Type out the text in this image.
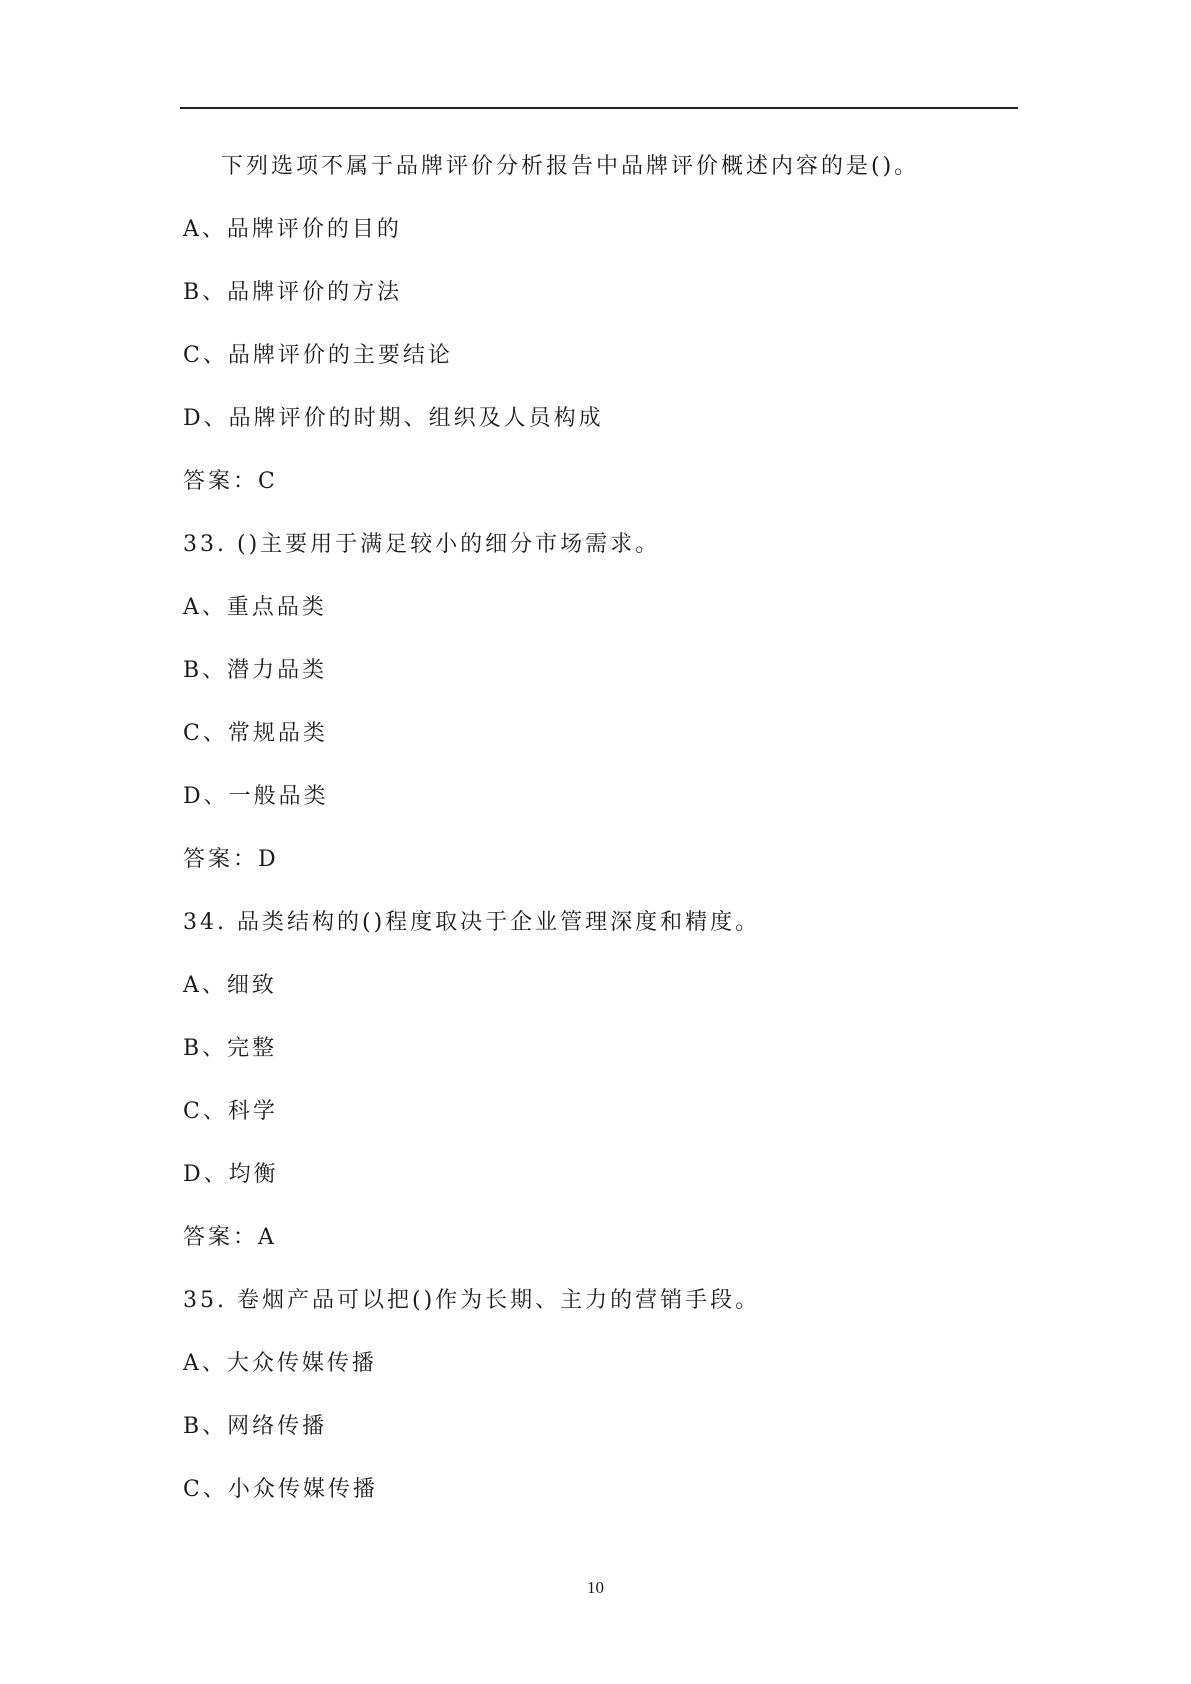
下列选项不属于品牌评价分析报告中品牌评价概述内容的是()。
A、品牌评价的目的
B、品牌评价的方法
C、品牌评价的主要结论
D、品牌评价的时期、组织及人员构成
答案：C
33. ()主要用于满足较小的细分市场需求。
A、重点品类
B、潜力品类
C、常规品类
D、一般品类
答案：D
34. 品类结构的()程度取决于企业管理深度和精度。
A、细致
B、完整
C、科学
D、均衡
答案：A
35. 卷烟产品可以把()作为长期、主力的营销手段。
A、大众传媒传播
B、网络传播
C、小众传媒传播
10
